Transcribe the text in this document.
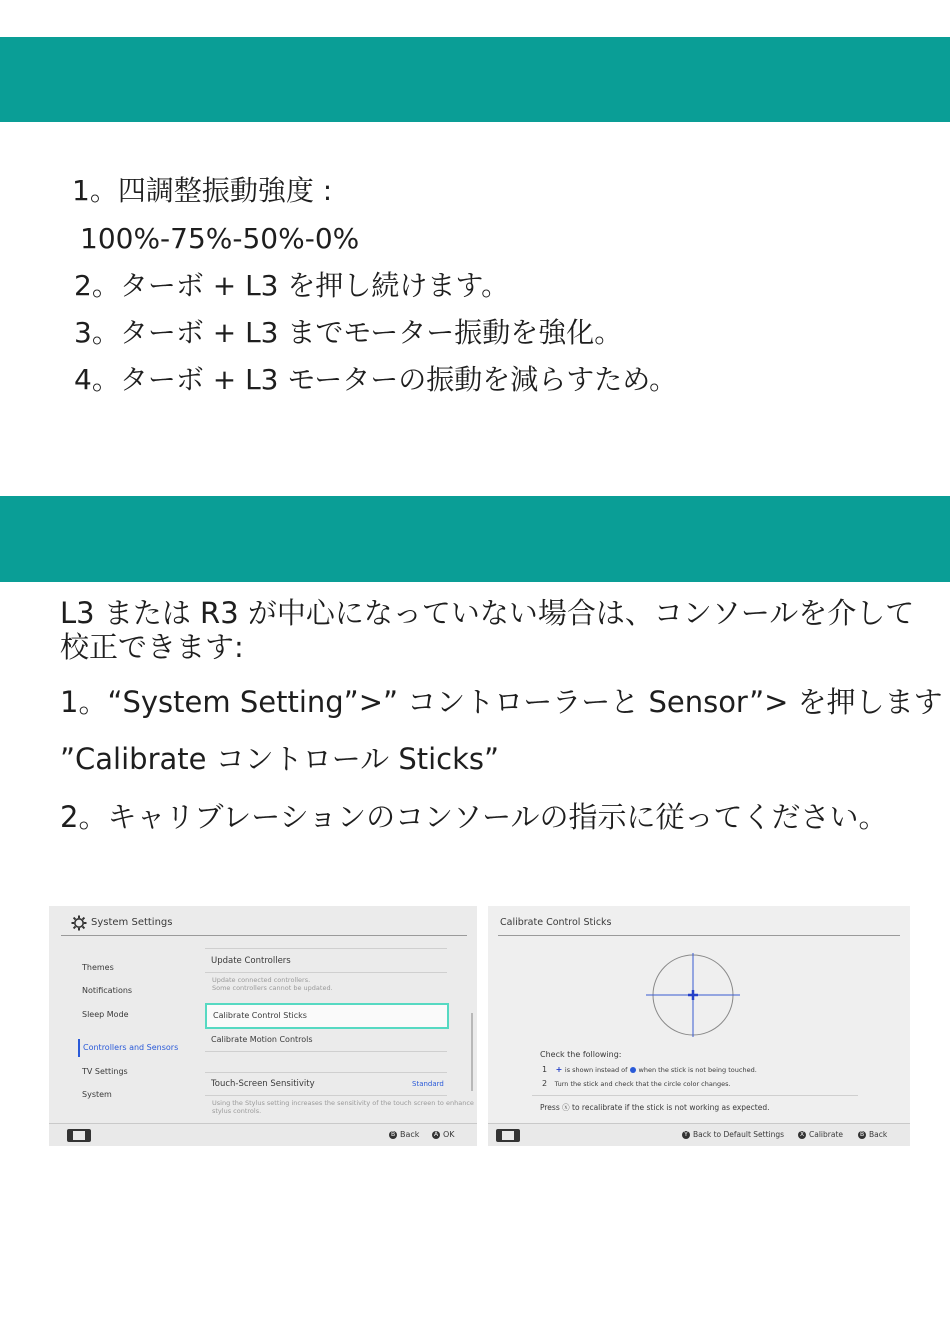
1。四調整振動強度 :
100%-75%-50%-0%
2。ターボ + L3 を押し続けます。
3。ターボ + L3 までモーター振動を強化。
4。ターボ + L3 モーターの振動を減らすため。
L3 または R3 が中心になっていない場合は、コンソールを介して
校正できます:
1。“System Setting”>” コントローラーと Sensor”> を押します
”Calibrate コントロール Sticks”
2。キャリブレーションのコンソールの指示に従ってください。
System Settings
Themes
Notifications
Sleep Mode
Controllers and Sensors
TV Settings
System
Update Controllers
Update connected controllers.
Some controllers cannot be updated.
Calibrate Control Sticks
Calibrate Motion Controls
Touch-Screen Sensitivity	Standard
Using the Stylus setting increases the sensitivity of the touch screen to enhance
stylus controls.
B Back	A OK
Calibrate Control Sticks
Check the following:
1 + is shown instead of when the stick is not being touched.
2 Turn the stick and check that the circle color changes.
Press ⓧ to recalibrate if the stick is not working as expected.
Y Back to Default Settings	X Calibrate	B Back
